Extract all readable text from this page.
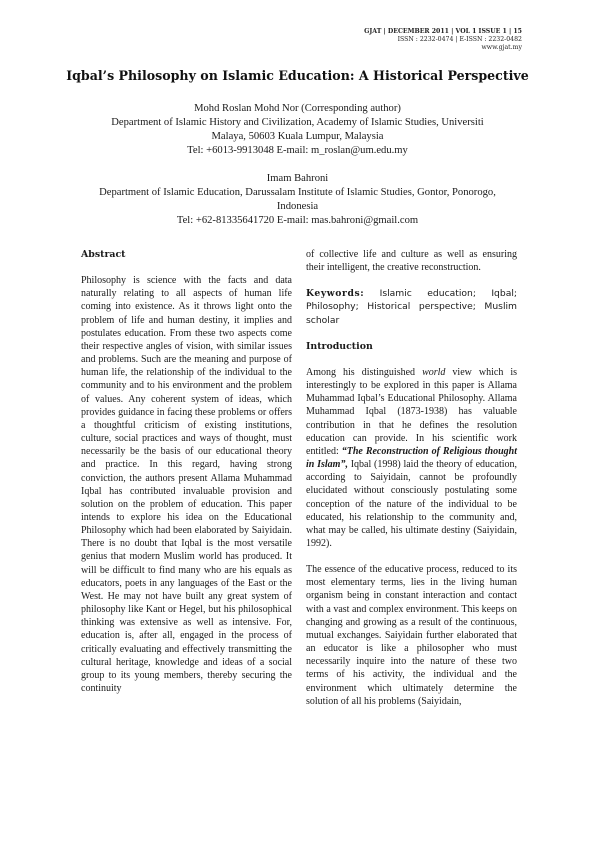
GJAT | DECEMBER 2011 | VOL 1 ISSUE 1 | 15
ISSN : 2232-0474 | E-ISSN : 2232-0482
www.gjat.my
Iqbal’s Philosophy on Islamic Education: A Historical Perspective
Mohd Roslan Mohd Nor (Corresponding author)
Department of Islamic History and Civilization, Academy of Islamic Studies, Universiti
Malaya, 50603 Kuala Lumpur, Malaysia
Tel: +6013-9913048 E-mail: m_roslan@um.edu.my
Imam Bahroni
Department of Islamic Education, Darussalam Institute of Islamic Studies, Gontor, Ponorogo,
Indonesia
Tel: +62-81335641720 E-mail: mas.bahroni@gmail.com

Abstract

Philosophy is science with the facts and data naturally relating to all aspects of human life coming into existence. As it throws light onto the problem of life and human destiny, it implies and postulates education. From these two aspects come their respective angles of vision, with similar issues and problems. Such are the meaning and purpose of human life, the relationship of the individual to the community and to his environment and the problem of values. Any coherent system of ideas, which provides guidance in facing these problems or offers a thoughtful criticism of existing institutions, culture, social practices and ways of thought, must necessarily be the basis of our educational theory and practice. In this regard, having strong conviction, the authors present Allama Muhammad Iqbal has contributed invaluable provision and solution on the problem of education. This paper intends to explore his idea on the Educational Philosophy which had been elaborated by Saiyidain. There is no doubt that Iqbal is the most versatile genius that modern Muslim world has produced. It will be difficult to find many who are his equals as educators, poets in any languages of the East or the West. He may not have built any great system of philosophy like Kant or Hegel, but his philosophical thinking was extensive as well as intensive. For, education is, after all, engaged in the process of critically evaluating and effectively transmitting the cultural heritage, knowledge and ideas of a social group to its young members, thereby securing the continuity

of collective life and culture as well as ensuring their intelligent, the creative reconstruction.

Keywords: Islamic education; Iqbal; Philosophy; Historical perspective; Muslim scholar

Introduction

Among his distinguished world view which is interestingly to be explored in this paper is Allama Muhammad Iqbal’s Educational Philosophy. Allama Muhammad Iqbal (1873-1938) has valuable contribution in that he defines the resolution education can provide. In his scientific work entitled: “The Reconstruction of Religious thought in Islam”, Iqbal (1998) laid the theory of education, according to Saiyidain, cannot be profoundly elucidated without consciously postulating some conception of the nature of the individual to be educated, his relationship to the community and, what may be called, his ultimate destiny (Saiyidain, 1992).

The essence of the educative process, reduced to its most elementary terms, lies in the living human organism being in constant interaction and contact with a vast and complex environment. This keeps on changing and growing as a result of the continuous, mutual exchanges. Saiyidain further elaborated that an educator is like a philosopher who must necessarily inquire into the nature of these two terms of his activity, the individual and the environment which ultimately determine the solution of all his problems (Saiyidain,
